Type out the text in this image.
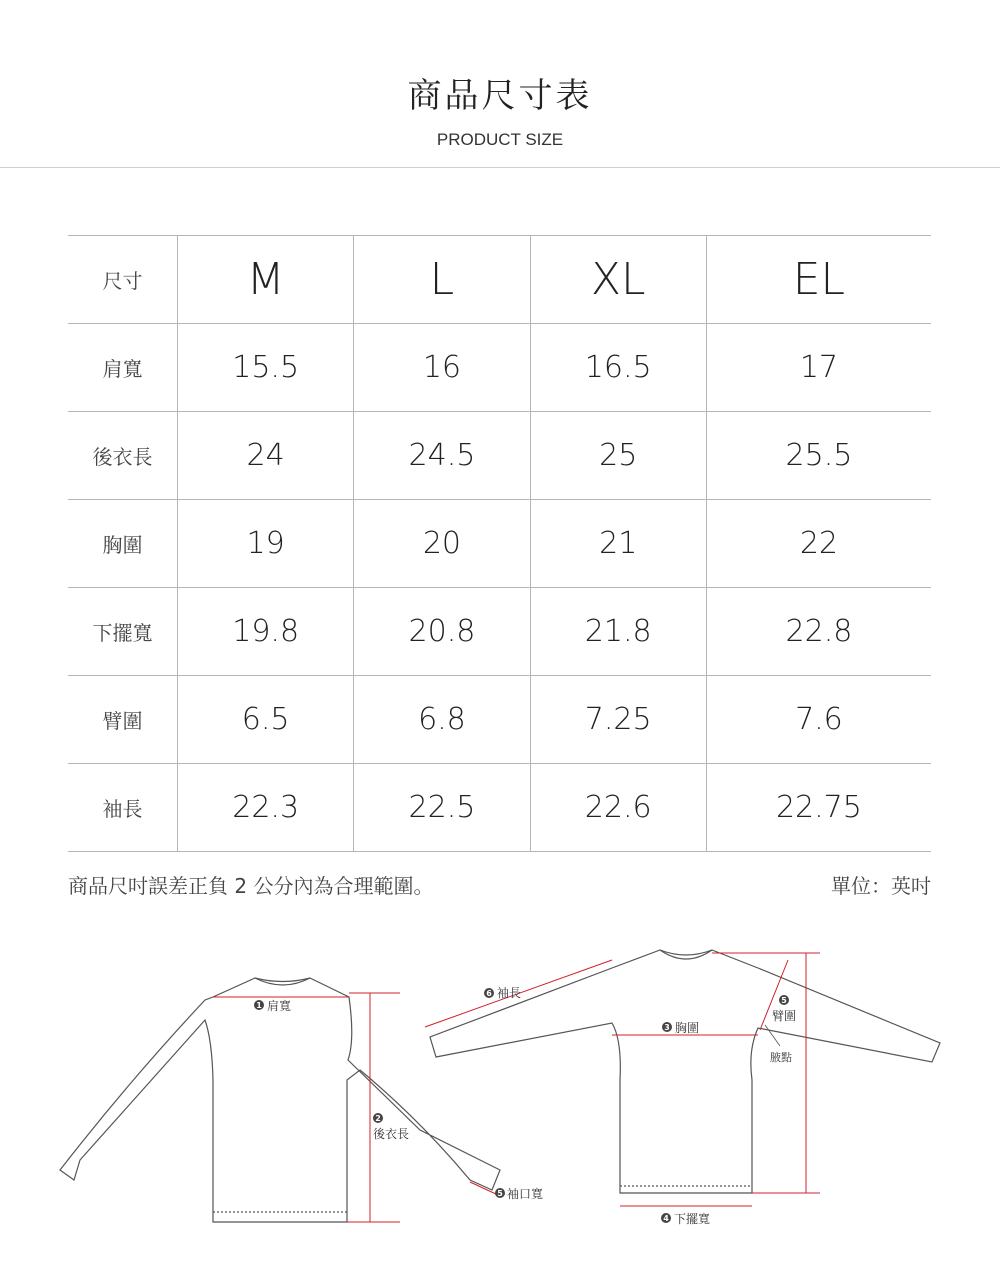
商品尺寸表
PRODUCT SIZE
尺寸	M	L	XL	EL
肩寬	15.5	16	16.5	17
後衣長	24	24.5	25	25.5
胸圍	19	20	21	22
下擺寬	19.8	20.8	21.8	22.8
臂圍	6.5	6.8	7.25	7.6
袖長	22.3	22.5	22.6	22.75
商品尺吋誤差正負 2 公分內為合理範圍。	單位：英吋
1 肩寬
2
後衣長
5 袖口寬
6 袖長
3 胸圍
5
臂圍
腋點
4 下擺寬
